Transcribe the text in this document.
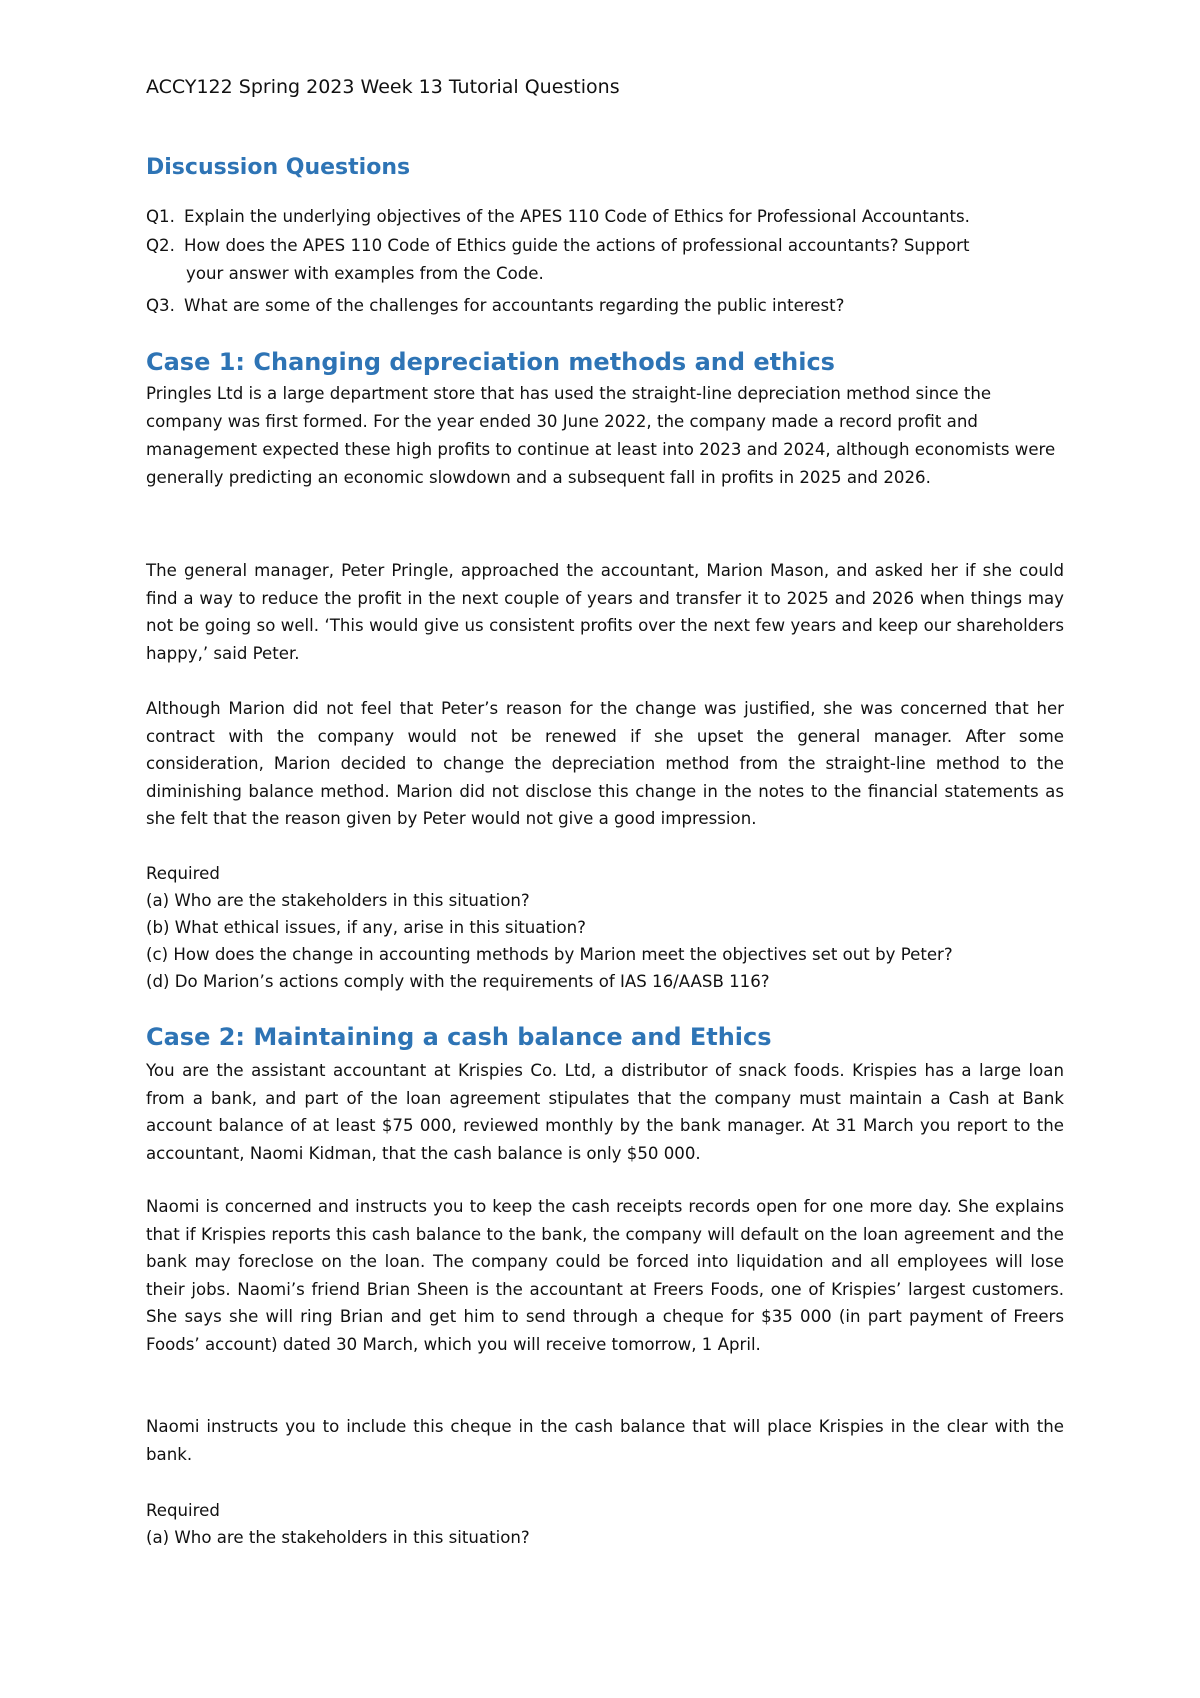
ACCY122 Spring 2023 Week 13 Tutorial Questions
Discussion Questions
Q1. Explain the underlying objectives of the APES 110 Code of Ethics for Professional Accountants.
Q2. How does the APES 110 Code of Ethics guide the actions of professional accountants? Support
your answer with examples from the Code.
Q3. What are some of the challenges for accountants regarding the public interest?
Case 1: Changing depreciation methods and ethics

Pringles Ltd is a large department store that has used the straight-line depreciation method since the company was first formed. For the year ended 30 June 2022, the company made a record profit and management expected these high profits to continue at least into 2023 and 2024, although economists were generally predicting an economic slowdown and a subsequent fall in profits in 2025 and 2026.

The general manager, Peter Pringle, approached the accountant, Marion Mason, and asked her if she could find a way to reduce the profit in the next couple of years and transfer it to 2025 and 2026 when things may not be going so well. ‘This would give us consistent profits over the next few years and keep our shareholders happy,’ said Peter.

Although Marion did not feel that Peter’s reason for the change was justified, she was concerned that her contract with the company would not be renewed if she upset the general manager. After some consideration, Marion decided to change the depreciation method from the straight-line method to the diminishing balance method. Marion did not disclose this change in the notes to the financial statements as she felt that the reason given by Peter would not give a good impression.

Required
(a) Who are the stakeholders in this situation?
(b) What ethical issues, if any, arise in this situation?
(c) How does the change in accounting methods by Marion meet the objectives set out by Peter?
(d) Do Marion’s actions comply with the requirements of IAS 16/AASB 116?
Case 2: Maintaining a cash balance and Ethics

You are the assistant accountant at Krispies Co. Ltd, a distributor of snack foods. Krispies has a large loan from a bank, and part of the loan agreement stipulates that the company must maintain a Cash at Bank account balance of at least $75 000, reviewed monthly by the bank manager. At 31 March you report to the accountant, Naomi Kidman, that the cash balance is only $50 000.

Naomi is concerned and instructs you to keep the cash receipts records open for one more day. She explains that if Krispies reports this cash balance to the bank, the company will default on the loan agreement and the bank may foreclose on the loan. The company could be forced into liquidation and all employees will lose their jobs. Naomi’s friend Brian Sheen is the accountant at Freers Foods, one of Krispies’ largest customers. She says she will ring Brian and get him to send through a cheque for $35 000 (in part payment of Freers Foods’ account) dated 30 March, which you will receive tomorrow, 1 April.

Naomi instructs you to include this cheque in the cash balance that will place Krispies in the clear with the bank.

Required
(a) Who are the stakeholders in this situation?
